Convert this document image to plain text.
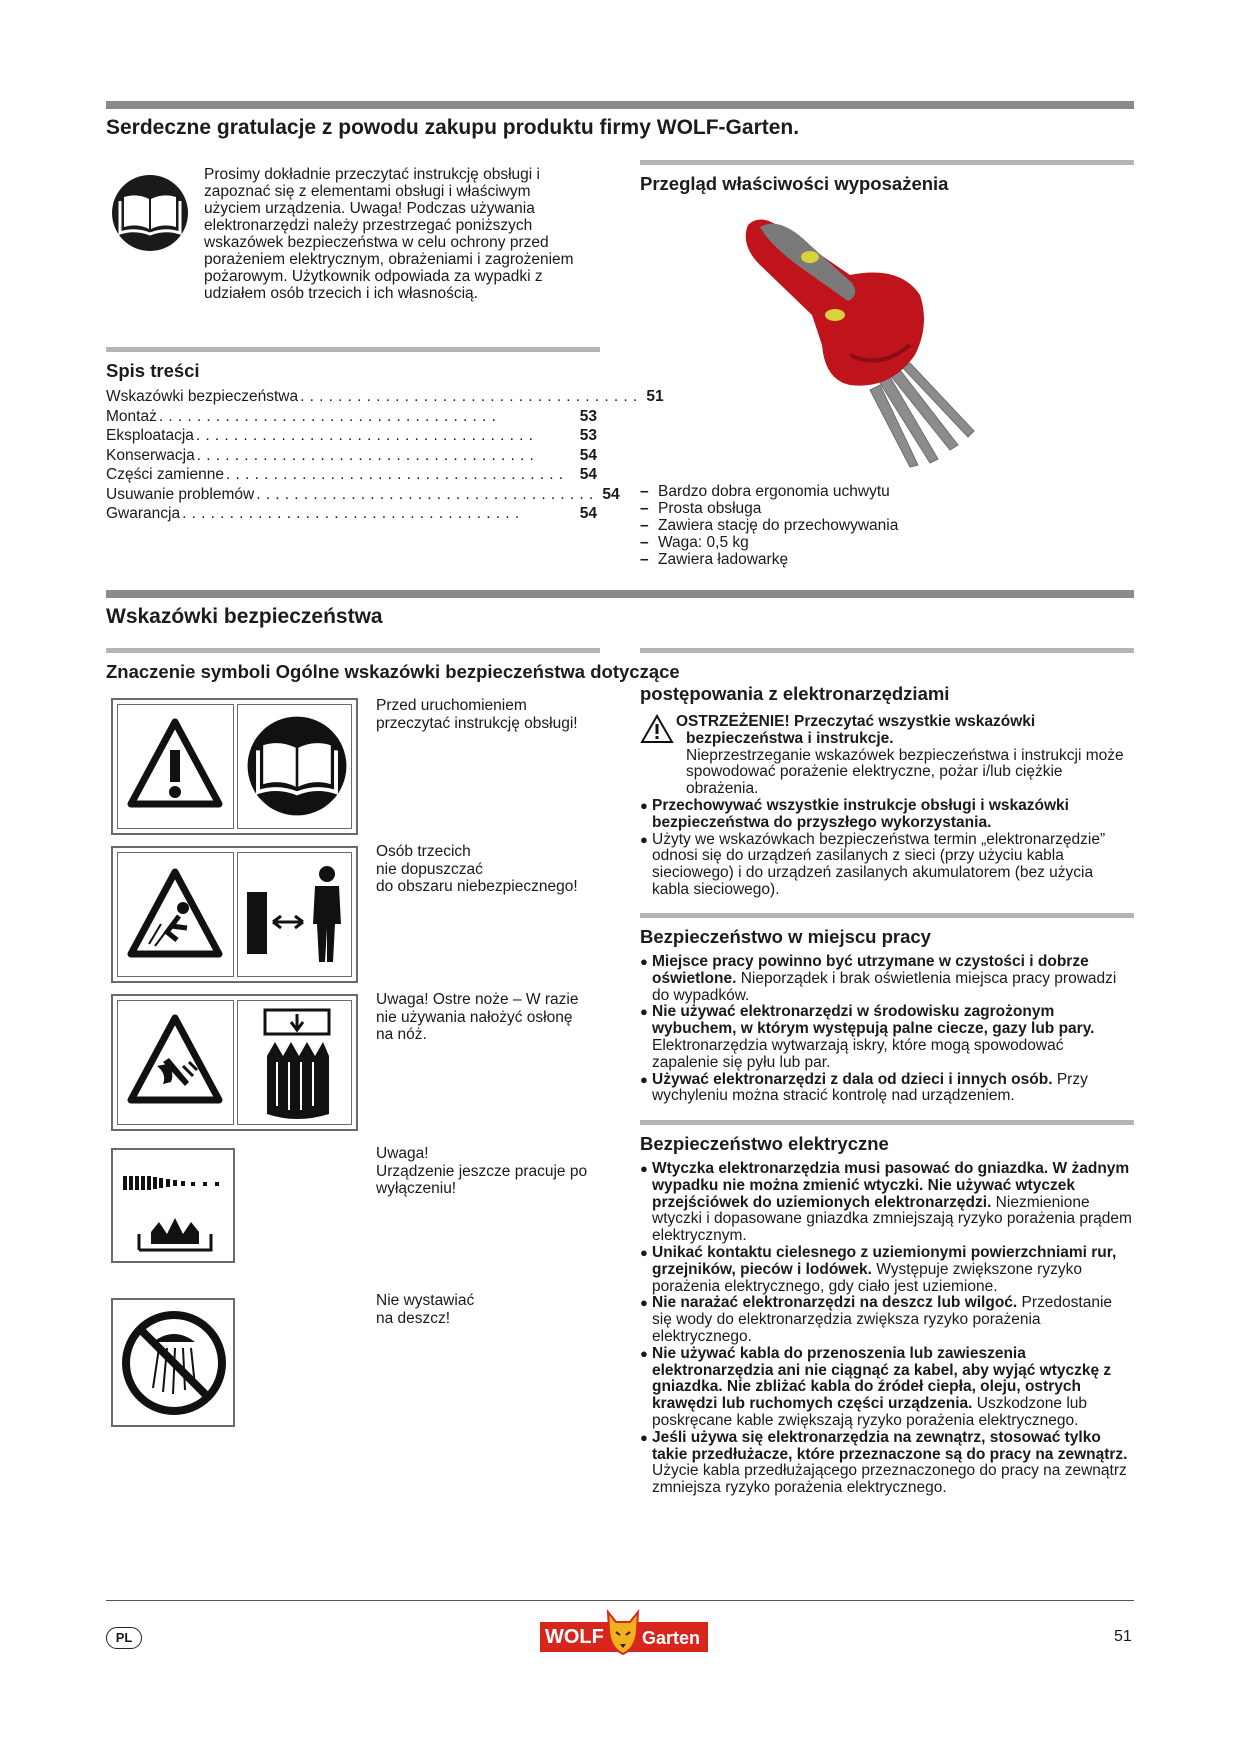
Serdeczne gratulacje z powodu zakupu produktu firmy WOLF-Garten.
Prosimy dokładnie przeczytać instrukcję obsługi i
zapoznać się z elementami obsługi i właściwym
użyciem urządzenia. Uwaga! Podczas używania
elektronarzędzi należy przestrzegać poniższych
wskazówek bezpieczeństwa w celu ochrony przed
porażeniem elektrycznym, obrażeniami i zagrożeniem
pożarowym. Użytkownik odpowiada za wypadki z
udziałem osób trzecich i ich własnością.
Przegląd właściwości wyposażenia
– Bardzo dobra ergonomia uchwytu
– Prosta obsługa
– Zawiera stację do przechowywania
– Waga: 0,5 kg
– Zawiera ładowarkę
Spis treści
Wskazówki bezpieczeństwa .................................... 51
Montaż ....................................	53
Eksploatacja ....................................	53
Konserwacja ....................................	54
Części zamienne .................................... 54
Usuwanie problemów .................................... 54
Gwarancja ....................................	54
Wskazówki bezpieczeństwa
Znaczenie symboli Ogólne wskazówki bezpieczeństwa dotyczące
postępowania z elektronarzędziami
Przed uruchomieniem
przeczytać instrukcję obsługi!
Osób trzecich
nie dopuszczać
do obszaru niebezpiecznego!
Uwaga! Ostre noże – W razie
nie używania nałożyć osłonę
na nóż.
Uwaga!
Urządzenie jeszcze pracuje po
wyłączeniu!
Nie wystawiać
na deszcz!
OSTRZEŻENIE! Przeczytać wszystkie wskazówki
bezpieczeństwa i instrukcje.
Nieprzestrzeganie wskazówek bezpieczeństwa i instrukcji może spowodować porażenie elektryczne, pożar i/lub ciężkie obrażenia.
● Przechowywać wszystkie instrukcje obsługi i wskazówki bezpieczeństwa do przyszłego wykorzystania.
● Użyty we wskazówkach bezpieczeństwa termin „elektronarzędzie” odnosi się do urządzeń zasilanych z sieci (przy użyciu kabla sieciowego) i do urządzeń zasilanych akumulatorem (bez użycia kabla sieciowego).
Bezpieczeństwo w miejscu pracy
● Miejsce pracy powinno być utrzymane w czystości i dobrze oświetlone. Nieporządek i brak oświetlenia miejsca pracy prowadzi do wypadków.
● Nie używać elektronarzędzi w środowisku zagrożonym wybuchem, w którym występują palne ciecze, gazy lub pary. Elektronarzędzia wytwarzają iskry, które mogą spowodować zapalenie się pyłu lub par.
● Używać elektronarzędzi z dala od dzieci i innych osób. Przy wychyleniu można stracić kontrolę nad urządzeniem.
Bezpieczeństwo elektryczne
● Wtyczka elektronarzędzia musi pasować do gniazdka. W żadnym wypadku nie można zmienić wtyczki. Nie używać wtyczek przejściówek do uziemionych elektronarzędzi. Niezmienione wtyczki i dopasowane gniazdka zmniejszają ryzyko porażenia prądem elektrycznym.
● Unikać kontaktu cielesnego z uziemionymi powierzchniami rur, grzejników, pieców i lodówek. Występuje zwiększone ryzyko porażenia elektrycznego, gdy ciało jest uziemione.
● Nie narażać elektronarzędzi na deszcz lub wilgoć. Przedostanie się wody do elektronarzędzia zwiększa ryzyko porażenia elektrycznego.
● Nie używać kabla do przenoszenia lub zawieszenia elektronarzędzia ani nie ciągnąć za kabel, aby wyjąć wtyczkę z gniazdka. Nie zbliżać kabla do źródeł ciepła, oleju, ostrych krawędzi lub ruchomych części urządzenia. Uszkodzone lub poskręcane kable zwiększają ryzyko porażenia elektrycznego.
● Jeśli używa się elektronarzędzia na zewnątrz, stosować tylko takie przedłużacze, które przeznaczone są do pracy na zewnątrz. Użycie kabla przedłużającego przeznaczonego do pracy na zewnątrz zmniejsza ryzyko porażenia elektrycznego.
PL	WOLF Garten	51
